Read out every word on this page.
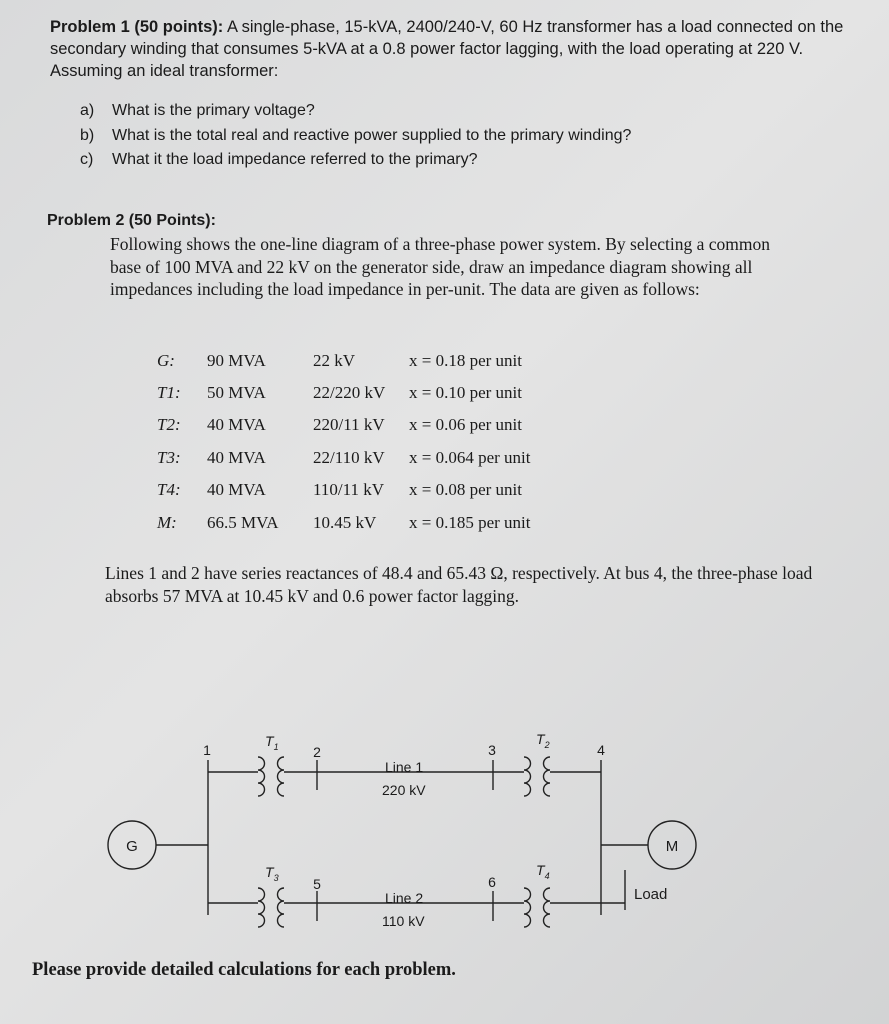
Problem 1 (50 points): A single-phase, 15-kVA, 2400/240-V, 60 Hz transformer has a load connected on the secondary winding that consumes 5-kVA at a 0.8 power factor lagging, with the load operating at 220 V. Assuming an ideal transformer:
a) What is the primary voltage?
b) What is the total real and reactive power supplied to the primary winding?
c) What it the load impedance referred to the primary?
Problem 2 (50 Points):
Following shows the one-line diagram of a three-phase power system. By selecting a common base of 100 MVA and 22 kV on the generator side, draw an impedance diagram showing all impedances including the load impedance in per-unit. The data are given as follows:
G: 90 MVA	22 kV	x = 0.18 per unit
T1: 50 MVA	22/220 kV x = 0.10 per unit
T2: 40 MVA	220/11 kV x = 0.06 per unit
T3: 40 MVA	22/110 kV x = 0.064 per unit
T4: 40 MVA	110/11 kV x = 0.08 per unit
M: 66.5 MVA 10.45 kV x = 0.185 per unit
Lines 1 and 2 have series reactances of 48.4 and 65.43 Ω, respectively. At bus 4, the three-phase load absorbs 57 MVA at 10.45 kV and 0.6 power factor lagging.
G	M
Load
1	2	3	4
5	6
$T_1$	$T_2$
$T_3$	$T_4$
Line 1
220 kV
Line 2
110 kV
Please provide detailed calculations for each problem.
